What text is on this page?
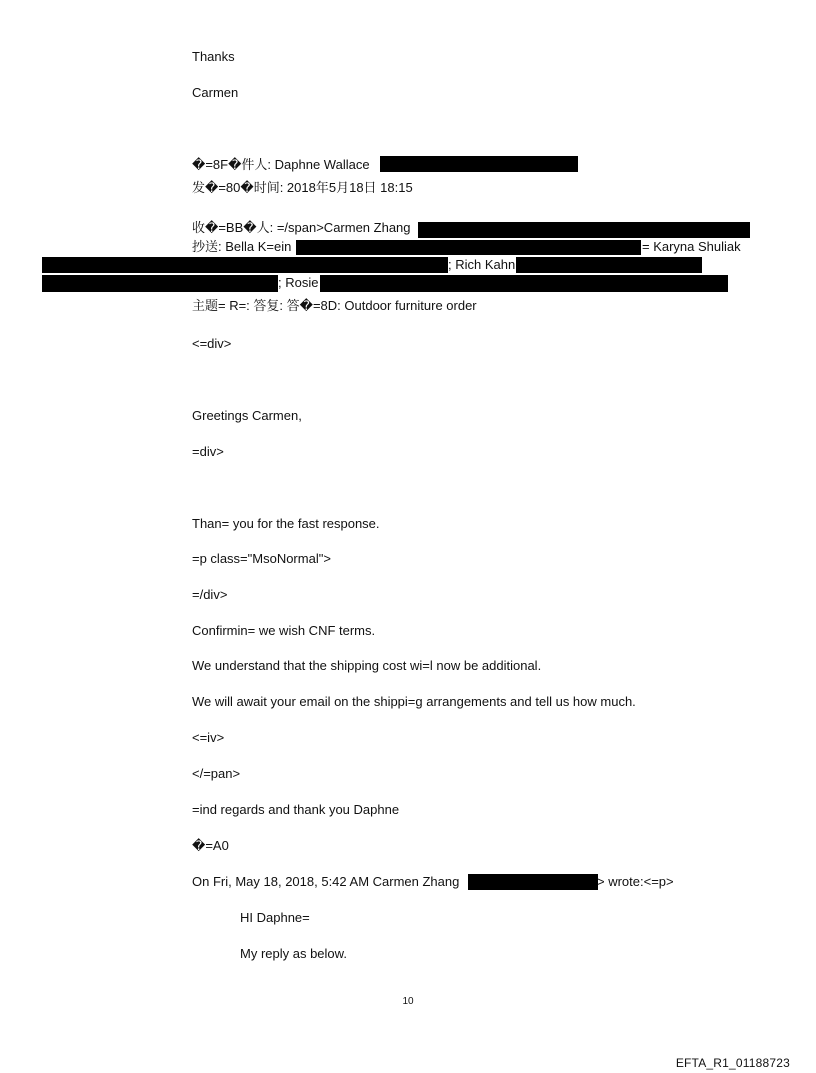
Thanks
Carmen
�=8F�件人: Daphne Wallace
发�=80�时间: 2018年5月18日 18:15
收�=BB�人: =/span>Carmen Zhang
抄送: Bella K=ein	= Karyna Shuliak
; Rich Kahn
; Rosie
主题= R=: 答复: 答�=8D: Outdoor furniture order
<=div>
Greetings Carmen,
=div>
Than= you for the fast response.
=p class="MsoNormal">
=/div>
Confirmin= we wish CNF terms.
We understand that the shipping cost wi=l now be additional.
We will await your email on the shippi=g arrangements and tell us how much.
<=iv>
</=pan>
=ind regards and thank you Daphne
�=A0
On Fri, May 18, 2018, 5:42 AM Carmen Zhang	> wrote:<=p>
HI Daphne=
My reply as below.
10
EFTA_R1_01188723
